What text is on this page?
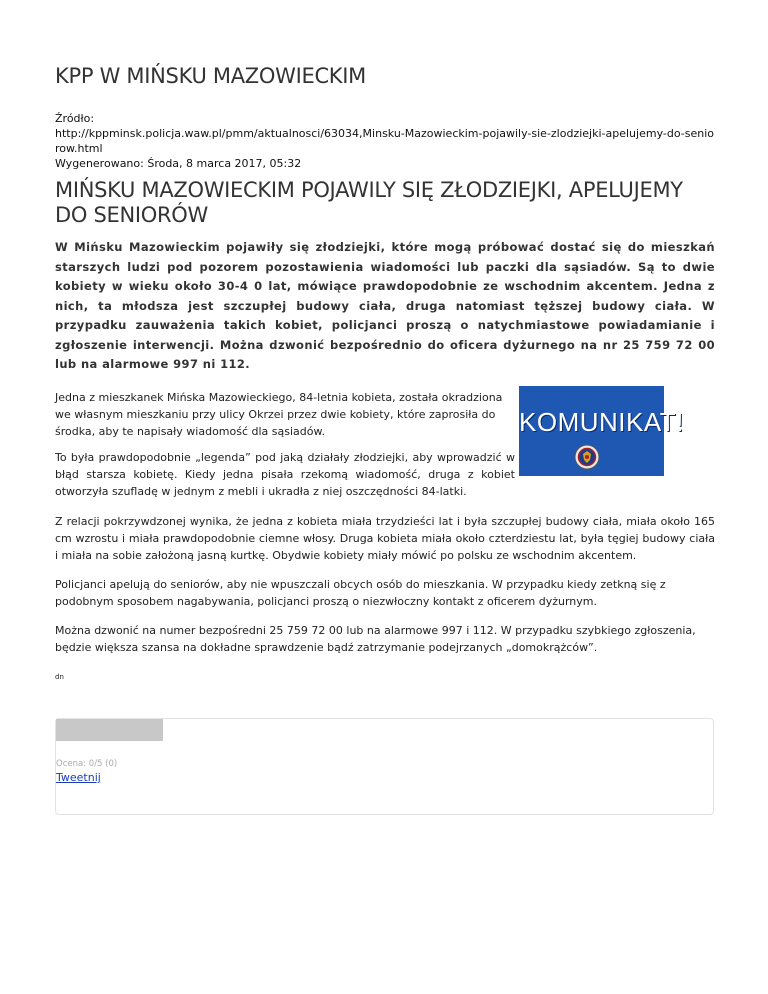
KPP W MIŃSKU MAZOWIECKIM
Źródło:
http://kppminsk.policja.waw.pl/pmm/aktualnosci/63034,Minsku-Mazowieckim-pojawily-sie-zlodziejki-apelujemy-do-seniorow.html
Wygenerowano: Środa, 8 marca 2017, 05:32
MIŃSKU MAZOWIECKIM POJAWILY SIĘ ZŁODZIEJKI, APELUJEMY DO SENIORÓW

W Mińsku Mazowieckim pojawiły się złodziejki, które mogą próbować dostać się do mieszkań starszych ludzi pod pozorem pozostawienia wiadomości lub paczki dla sąsiadów. Są to dwie kobiety w wieku około 30-4 0 lat, mówiące prawdopodobnie ze wschodnim akcentem. Jedna z nich, ta młodsza jest szczupłej budowy ciała, druga natomiast tęższej budowy ciała. W przypadku zauważenia takich kobiet, policjanci proszą o natychmiastowe powiadamianie i zgłoszenie interwencji. Można dzwonić bezpośrednio do oficera dyżurnego na nr 25 759 72 00 lub na alarmowe 997 ni 112.

Jedna z mieszkanek Mińska Mazowieckiego, 84-letnia kobieta, została okradziona we własnym mieszkaniu przy ulicy Okrzei przez dwie kobiety, które zaprosiła do środka, aby te napisały wiadomość dla sąsiadów.

To była prawdopodobnie „legenda” pod jaką działały złodziejki, aby wprowadzić w błąd starsza kobietę. Kiedy jedna pisała rzekomą wiadomość, druga z kobiet otworzyła szufladę w jednym z mebli i ukradła z niej oszczędności 84-latki.

Z relacji pokrzywdzonej wynika, że jedna z kobieta miała trzydzieści lat i była szczupłej budowy ciała, miała około 165 cm wzrostu i miała prawdopodobnie ciemne włosy. Druga kobieta miała około czterdziestu lat, była tęgiej budowy ciała i miała na sobie założoną jasną kurtkę. Obydwie kobiety miały mówić po polsku ze wschodnim akcentem.

Policjanci apelują do seniorów, aby nie wpuszczali obcych osób do mieszkania. W przypadku kiedy zetkną się z podobnym sposobem nagabywania, policjanci proszą o niezwłoczny kontakt z oficerem dyżurnym.

Można dzwonić na numer bezpośredni 25 759 72 00 lub na alarmowe 997 i 112. W przypadku szybkiego zgłoszenia, będzie większa szansa na dokładne sprawdzenie bądź zatrzymanie podejrzanych „domokrążców”.

dn
KOMUNIKAT!
Ocena: 0/5 (0)
Tweetnij
